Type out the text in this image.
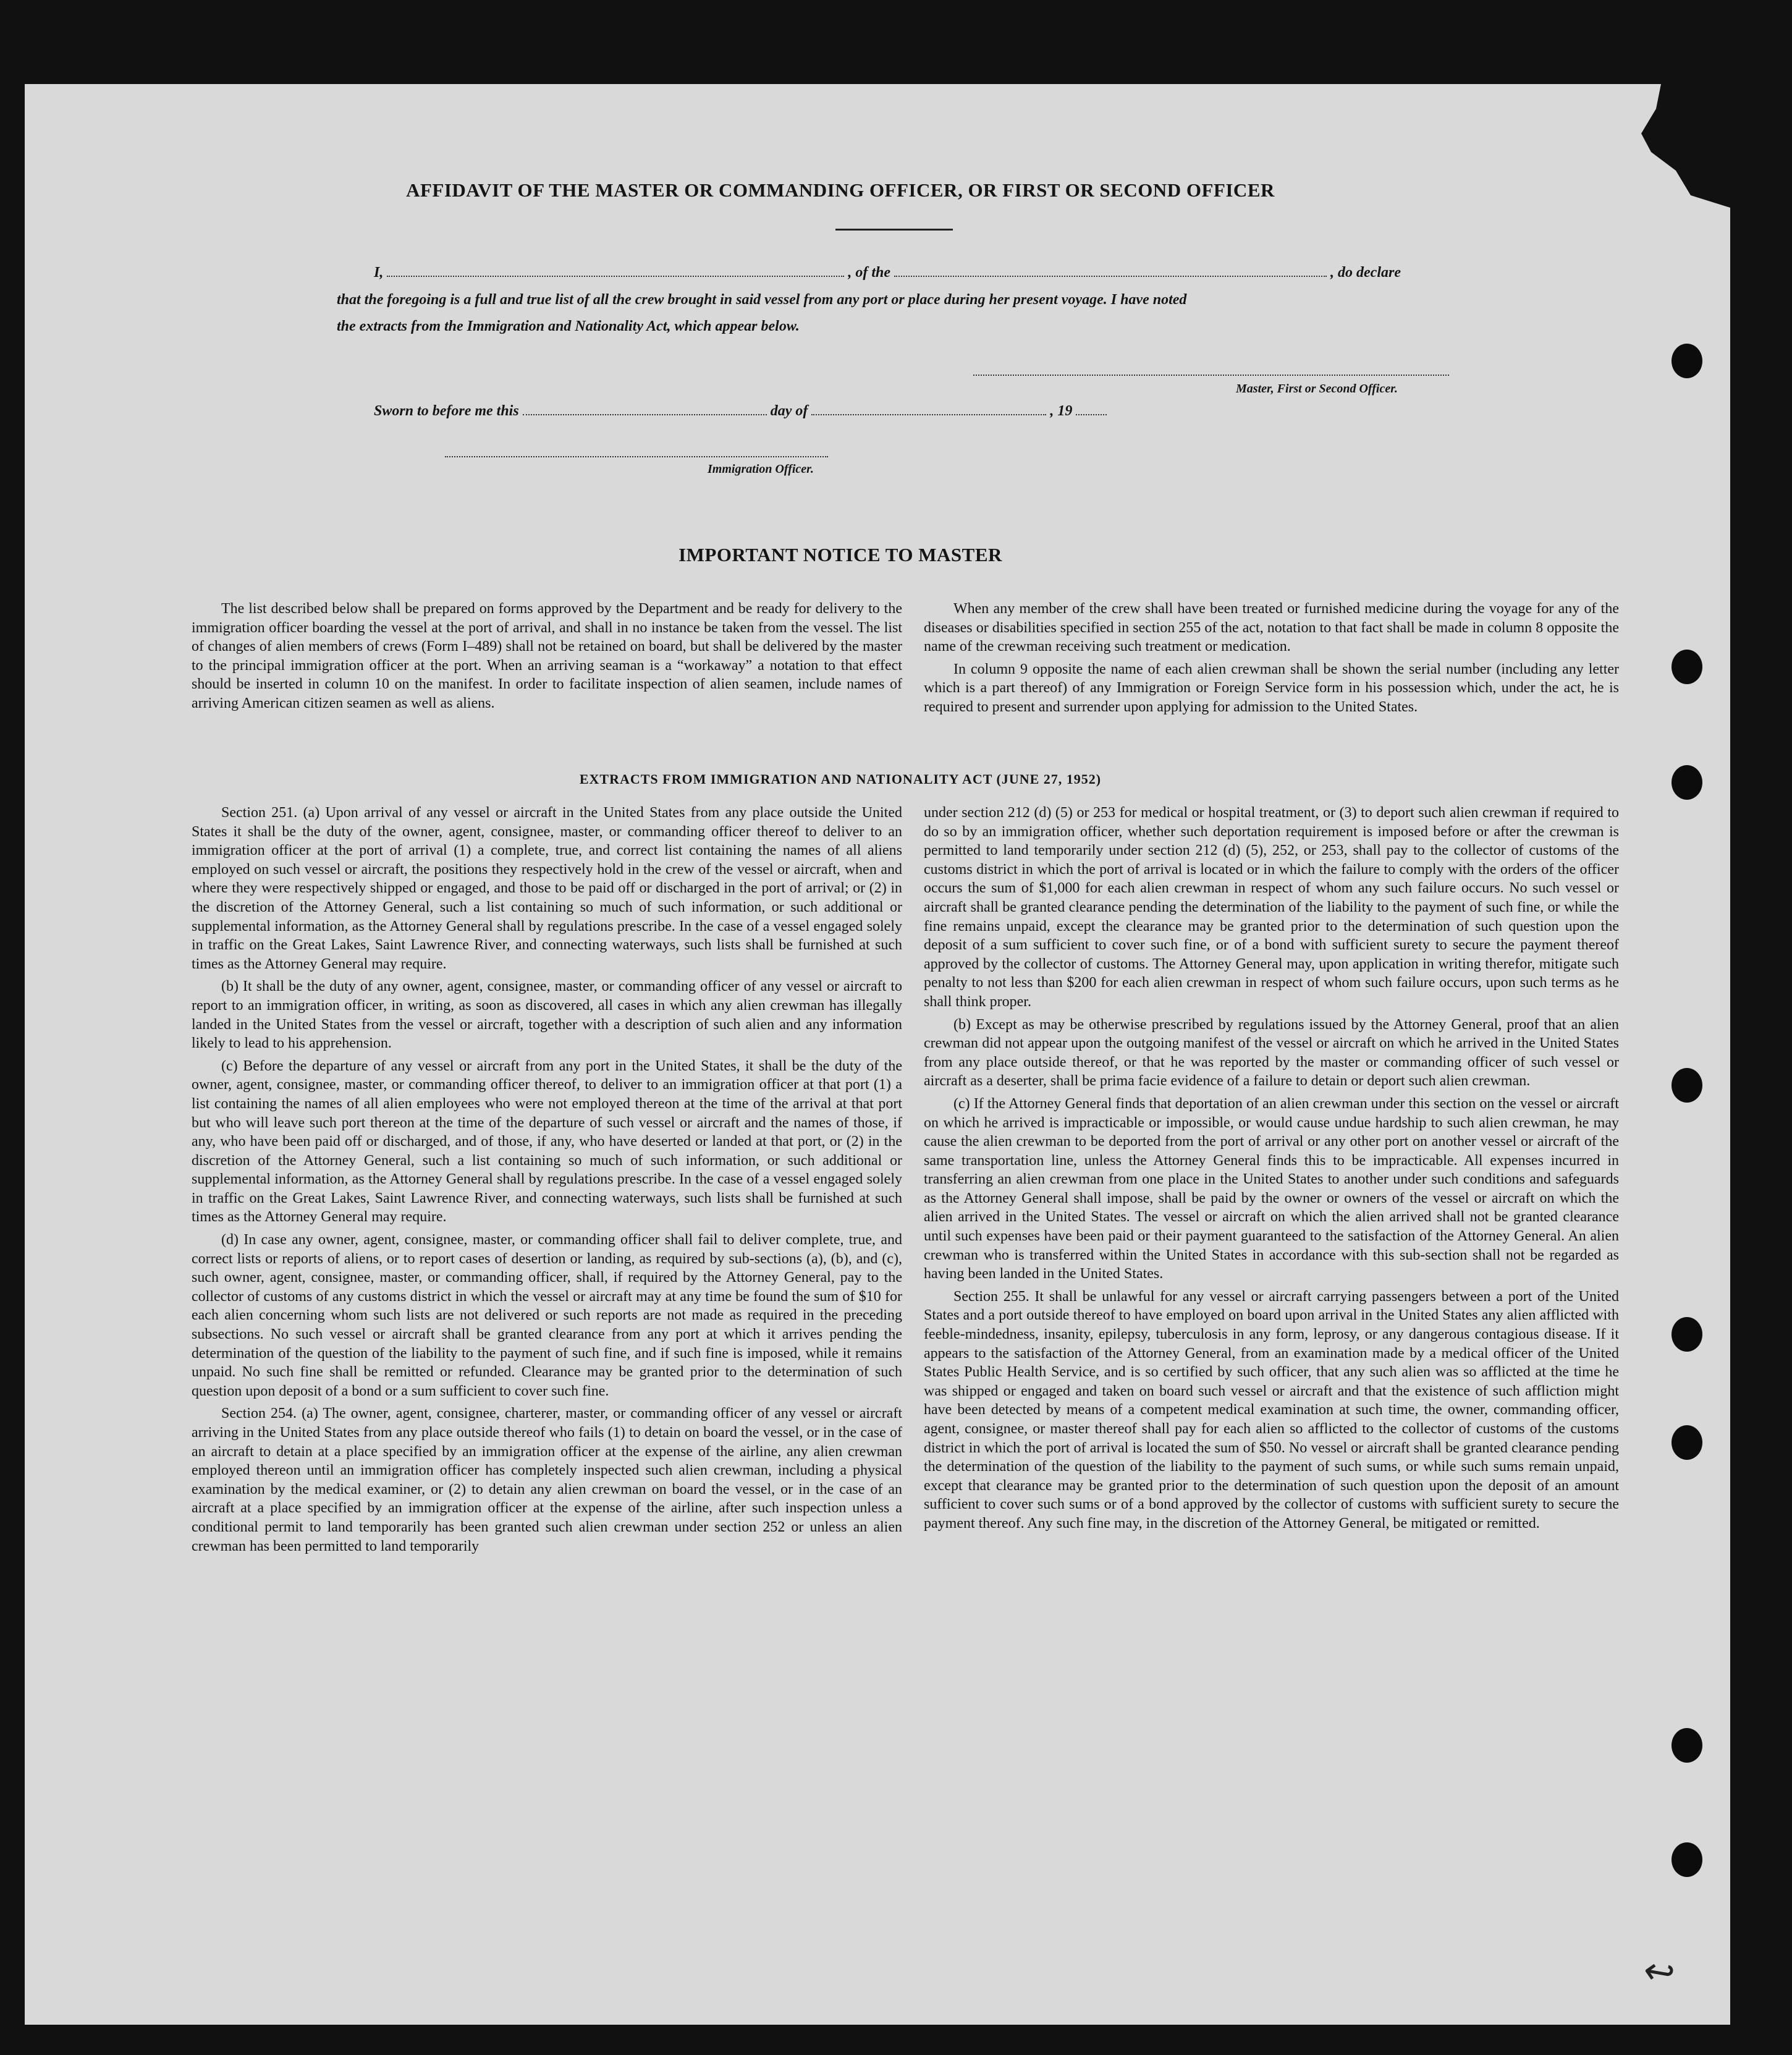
AFFIDAVIT OF THE MASTER OR COMMANDING OFFICER, OR FIRST OR SECOND OFFICER
I,	, of the	, do declare
that the foregoing is a full and true list of all the crew brought in said vessel from any port or place during her present voyage. I have noted
the extracts from the Immigration and Nationality Act, which appear below.
Master, First or Second Officer.
Sworn to before me this	day of	, 19
Immigration Officer.
IMPORTANT NOTICE TO MASTER

The list described below shall be prepared on forms approved by the Department and be ready for delivery to the immigration officer boarding the vessel at the port of arrival, and shall in no instance be taken from the vessel. The list of changes of alien members of crews (Form I–489) shall not be retained on board, but shall be delivered by the master to the principal immigration officer at the port. When an arriving seaman is a “workaway” a notation to that effect should be inserted in column 10 on the manifest. In order to facilitate inspection of alien seamen, include names of arriving American citizen seamen as well as aliens.

When any member of the crew shall have been treated or furnished medicine during the voyage for any of the diseases or disabilities specified in section 255 of the act, notation to that fact shall be made in column 8 opposite the name of the crewman receiving such treatment or medication.

In column 9 opposite the name of each alien crewman shall be shown the serial number (including any letter which is a part thereof) of any Immigration or Foreign Service form in his possession which, under the act, he is required to present and surrender upon applying for admission to the United States.

EXTRACTS FROM IMMIGRATION AND NATIONALITY ACT (JUNE 27, 1952)

Section 251. (a) Upon arrival of any vessel or aircraft in the United States from any place outside the United States it shall be the duty of the owner, agent, consignee, master, or commanding officer thereof to deliver to an immigration officer at the port of arrival (1) a complete, true, and correct list containing the names of all aliens employed on such vessel or aircraft, the positions they respectively hold in the crew of the vessel or aircraft, when and where they were respectively shipped or engaged, and those to be paid off or discharged in the port of arrival; or (2) in the discretion of the Attorney General, such a list containing so much of such information, or such additional or supplemental information, as the Attorney General shall by regulations prescribe. In the case of a vessel engaged solely in traffic on the Great Lakes, Saint Lawrence River, and connecting waterways, such lists shall be furnished at such times as the Attorney General may require.

(b) It shall be the duty of any owner, agent, consignee, master, or commanding officer of any vessel or aircraft to report to an immigration officer, in writing, as soon as discovered, all cases in which any alien crewman has illegally landed in the United States from the vessel or aircraft, together with a description of such alien and any information likely to lead to his apprehension.

(c) Before the departure of any vessel or aircraft from any port in the United States, it shall be the duty of the owner, agent, consignee, master, or commanding officer thereof, to deliver to an immigration officer at that port (1) a list containing the names of all alien employees who were not employed thereon at the time of the arrival at that port but who will leave such port thereon at the time of the departure of such vessel or aircraft and the names of those, if any, who have been paid off or discharged, and of those, if any, who have deserted or landed at that port, or (2) in the discretion of the Attorney General, such a list containing so much of such information, or such additional or supplemental information, as the Attorney General shall by regulations prescribe. In the case of a vessel engaged solely in traffic on the Great Lakes, Saint Lawrence River, and connecting waterways, such lists shall be furnished at such times as the Attorney General may require.

(d) In case any owner, agent, consignee, master, or commanding officer shall fail to deliver complete, true, and correct lists or reports of aliens, or to report cases of desertion or landing, as required by sub-sections (a), (b), and (c), such owner, agent, consignee, master, or commanding officer, shall, if required by the Attorney General, pay to the collector of customs of any customs district in which the vessel or aircraft may at any time be found the sum of $10 for each alien concerning whom such lists are not delivered or such reports are not made as required in the preceding subsections. No such vessel or aircraft shall be granted clearance from any port at which it arrives pending the determination of the question of the liability to the payment of such fine, and if such fine is imposed, while it remains unpaid. No such fine shall be remitted or refunded. Clearance may be granted prior to the determination of such question upon deposit of a bond or a sum sufficient to cover such fine.

Section 254. (a) The owner, agent, consignee, charterer, master, or commanding officer of any vessel or aircraft arriving in the United States from any place outside thereof who fails (1) to detain on board the vessel, or in the case of an aircraft to detain at a place specified by an immigration officer at the expense of the airline, any alien crewman employed thereon until an immigration officer has completely inspected such alien crewman, including a physical examination by the medical examiner, or (2) to detain any alien crewman on board the vessel, or in the case of an aircraft at a place specified by an immigration officer at the expense of the airline, after such inspection unless a conditional permit to land temporarily has been granted such alien crewman under section 252 or unless an alien crewman has been permitted to land temporarily

under section 212 (d) (5) or 253 for medical or hospital treatment, or (3) to deport such alien crewman if required to do so by an immigration officer, whether such deportation requirement is imposed before or after the crewman is permitted to land temporarily under section 212 (d) (5), 252, or 253, shall pay to the collector of customs of the customs district in which the port of arrival is located or in which the failure to comply with the orders of the officer occurs the sum of $1,000 for each alien crewman in respect of whom any such failure occurs. No such vessel or aircraft shall be granted clearance pending the determination of the liability to the payment of such fine, or while the fine remains unpaid, except the clearance may be granted prior to the determination of such question upon the deposit of a sum sufficient to cover such fine, or of a bond with sufficient surety to secure the payment thereof approved by the collector of customs. The Attorney General may, upon application in writing therefor, mitigate such penalty to not less than $200 for each alien crewman in respect of whom such failure occurs, upon such terms as he shall think proper.

(b) Except as may be otherwise prescribed by regulations issued by the Attorney General, proof that an alien crewman did not appear upon the outgoing manifest of the vessel or aircraft on which he arrived in the United States from any place outside thereof, or that he was reported by the master or commanding officer of such vessel or aircraft as a deserter, shall be prima facie evidence of a failure to detain or deport such alien crewman.

(c) If the Attorney General finds that deportation of an alien crewman under this section on the vessel or aircraft on which he arrived is impracticable or impossible, or would cause undue hardship to such alien crewman, he may cause the alien crewman to be deported from the port of arrival or any other port on another vessel or aircraft of the same transportation line, unless the Attorney General finds this to be impracticable. All expenses incurred in transferring an alien crewman from one place in the United States to another under such conditions and safeguards as the Attorney General shall impose, shall be paid by the owner or owners of the vessel or aircraft on which the alien arrived in the United States. The vessel or aircraft on which the alien arrived shall not be granted clearance until such expenses have been paid or their payment guaranteed to the satisfaction of the Attorney General. An alien crewman who is transferred within the United States in accordance with this sub-section shall not be regarded as having been landed in the United States.

Section 255. It shall be unlawful for any vessel or aircraft carrying passengers between a port of the United States and a port outside thereof to have employed on board upon arrival in the United States any alien afflicted with feeble-mindedness, insanity, epilepsy, tuberculosis in any form, leprosy, or any dangerous contagious disease. If it appears to the satisfaction of the Attorney General, from an examination made by a medical officer of the United States Public Health Service, and is so certified by such officer, that any such alien was so afflicted at the time he was shipped or engaged and taken on board such vessel or aircraft and that the existence of such affliction might have been detected by means of a competent medical examination at such time, the owner, commanding officer, agent, consignee, or master thereof shall pay for each alien so afflicted to the collector of customs of the customs district in which the port of arrival is located the sum of $50. No vessel or aircraft shall be granted clearance pending the determination of the question of the liability to the payment of such sums, or while such sums remain unpaid, except that clearance may be granted prior to the determination of such question upon the deposit of an amount sufficient to cover such sums or of a bond approved by the collector of customs with sufficient surety to secure the payment thereof. Any such fine may, in the discretion of the Attorney General, be mitigated or remitted.

↩
